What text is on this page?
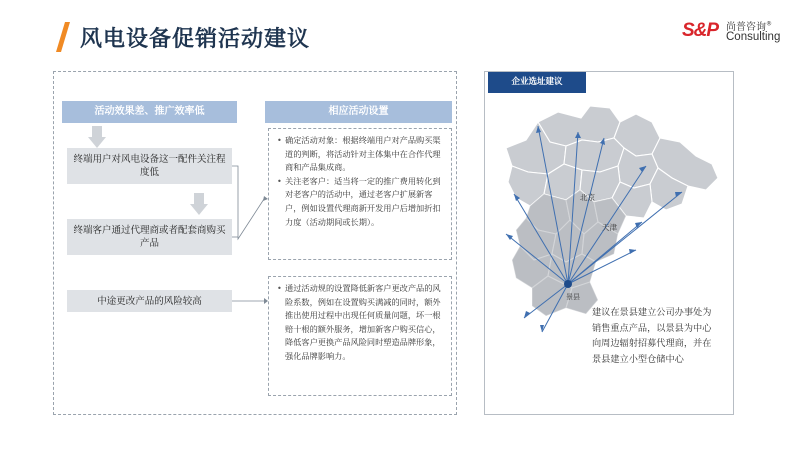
风电设备促销活动建议	S&P 尚普咨询®
Consulting
活动效果差、推广效率低	相应活动设置
终端用户对风电设备这一配件关注程度低
终端客户通过代理商或者配套商购买产品
中途更改产品的风险较高

• 确定活动对象：根据终端用户对产品购买渠道的判断，将活动针对主体集中在合作代理商和产品集成商。

• 关注老客户：适当将一定的推广费用转化到对老客户的活动中，通过老客户扩展新客户，例如设置代理商新开发用户后增加折扣力度（活动期间或长期）。

• 通过活动规的设置降低新客户更改产品的风险系数，例如在设置购买满减的同时，额外推出使用过程中出现任何质量问题，坏一根赔十根的额外服务，增加新客户购买信心，降低客户更换产品风险同时塑造品牌形象，强化品牌影响力。

企业选址建议
北京
天津
景县
建议在景县建立公司办事处为销售重点产品，以景县为中心向周边辐射招募代理商，并在景县建立小型仓储中心
